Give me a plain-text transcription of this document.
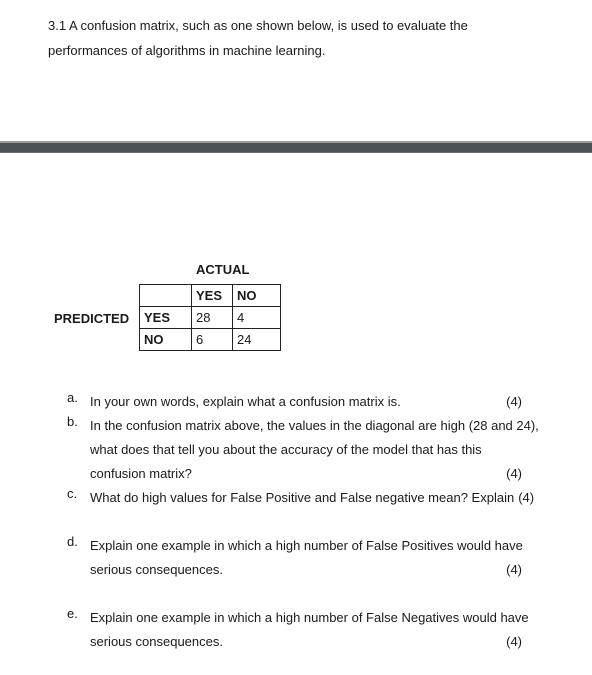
3.1 A confusion matrix, such as one shown below, is used to evaluate the

performances of algorithms in machine learning.

ACTUAL
PREDICTED
	YES	NO
YES	28	4
NO	6	24
a. In your own words, explain what a confusion matrix is.	(4)
b. In the confusion matrix above, the values in the diagonal are high (28 and 24),
what does that tell you about the accuracy of the model that has this
confusion matrix?	(4)
c. What do high values for False Positive and False negative mean? Explain (4)
d. Explain one example in which a high number of False Positives would have
serious consequences.	(4)
e. Explain one example in which a high number of False Negatives would have
serious consequences.	(4)
